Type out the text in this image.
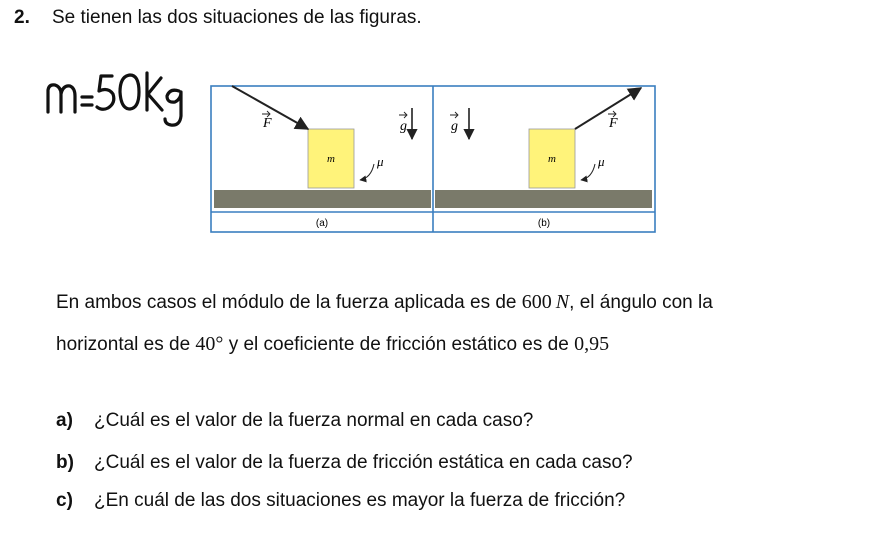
2. Se tienen las dos situaciones de las figuras.
m
F	g
μ
(a)
m
F
g
μ
(b)
En ambos casos el módulo de la fuerza aplicada es de 600  N, el ángulo con la
horizontal es de 40° y el coeficiente de fricción estático es de 0,95
a) ¿Cuál es el valor de la fuerza normal en cada caso?
b) ¿Cuál es el valor de la fuerza de fricción estática en cada caso?
c) ¿En cuál de las dos situaciones es mayor la fuerza de fricción?
